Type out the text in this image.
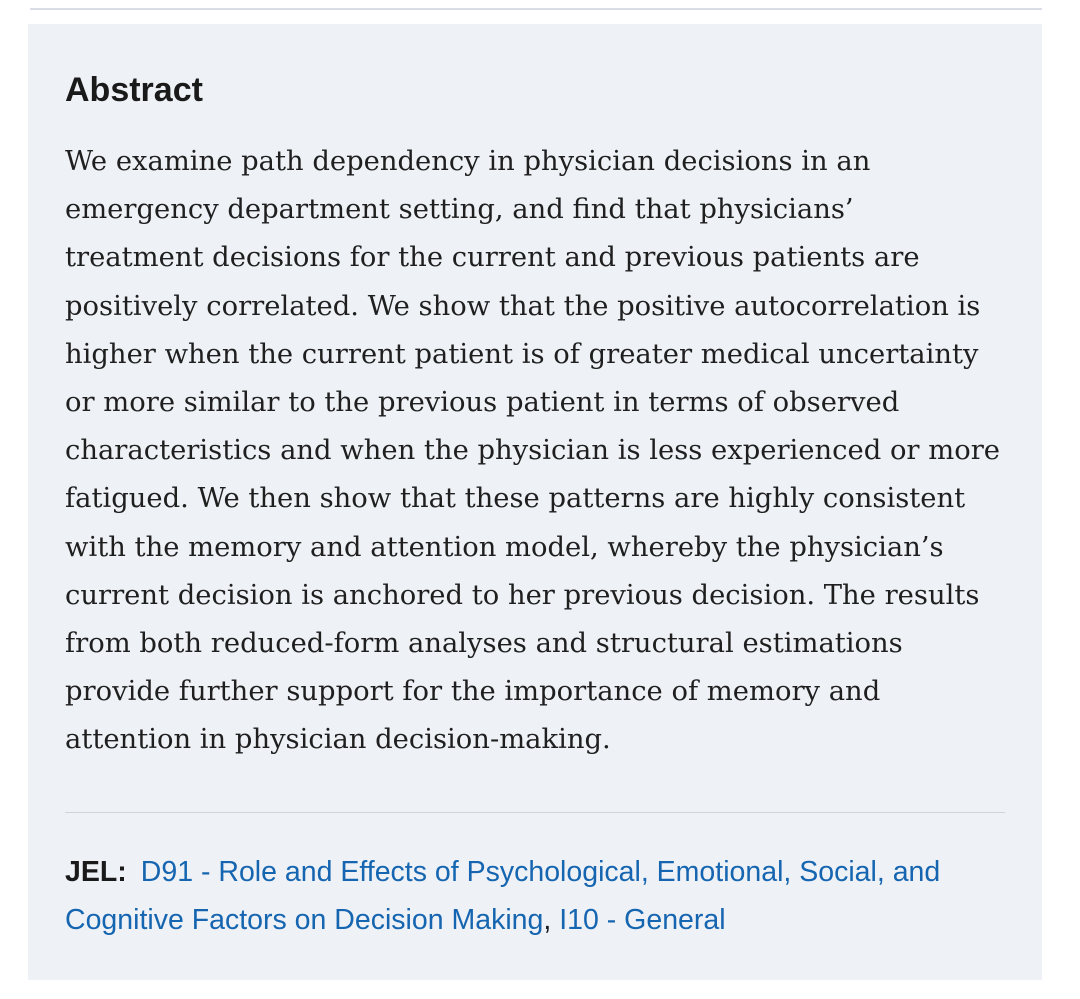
Abstract

We examine path dependency in physician decisions in an
emergency department setting, and find that physicians’
treatment decisions for the current and previous patients are
positively correlated. We show that the positive autocorrelation is
higher when the current patient is of greater medical uncertainty
or more similar to the previous patient in terms of observed
characteristics and when the physician is less experienced or more
fatigued. We then show that these patterns are highly consistent
with the memory and attention model, whereby the physician’s
current decision is anchored to her previous decision. The results
from both reduced-form analyses and structural estimations
provide further support for the importance of memory and
attention in physician decision-making.

JEL: D91 - Role and Effects of Psychological, Emotional, Social, and Cognitive Factors on Decision Making, I10 - General
